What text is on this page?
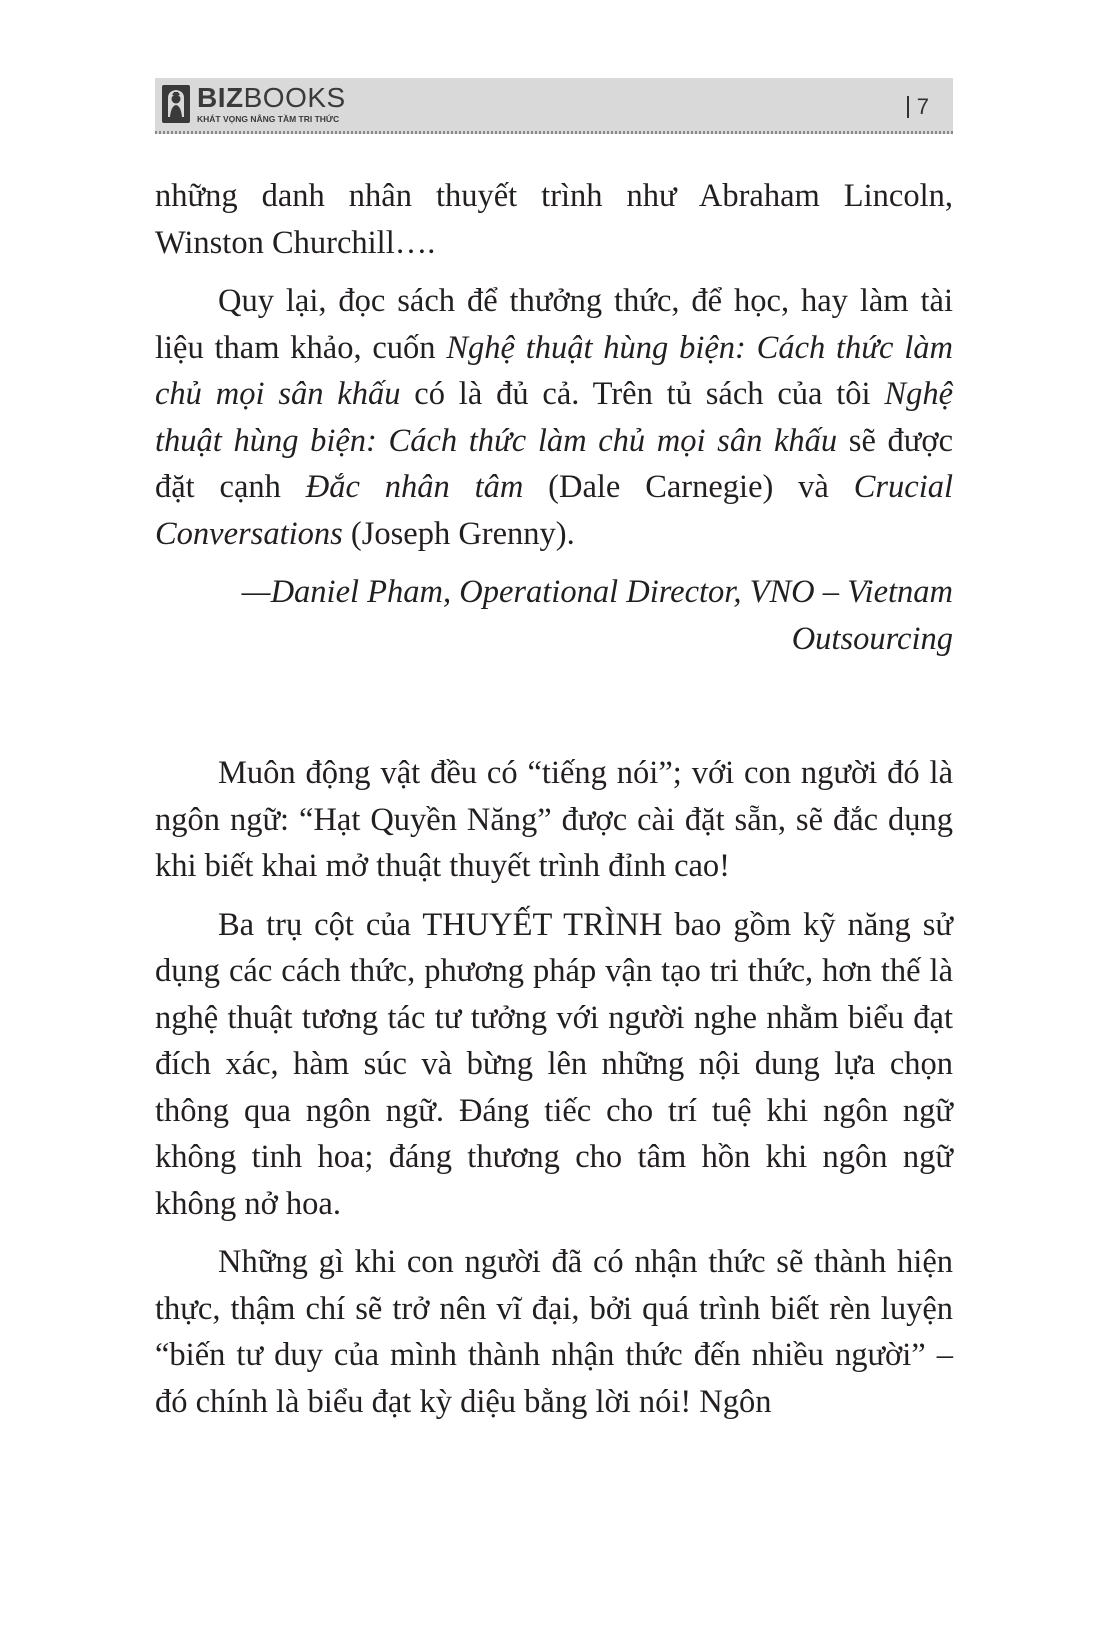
BIZBOOKS
KHÁT VỌNG NÂNG TẦM TRI THỨC
7

những danh nhân thuyết trình như Abraham Lincoln, Winston Churchill….

Quy lại, đọc sách để thưởng thức, để học, hay làm tài liệu tham khảo, cuốn Nghệ thuật hùng biện: Cách thức làm chủ mọi sân khấu có là đủ cả. Trên tủ sách của tôi Nghệ thuật hùng biện: Cách thức làm chủ mọi sân khấu sẽ được đặt cạnh Đắc nhân tâm (Dale Carnegie) và Crucial Conversations (Joseph Grenny).

—Daniel Pham, Operational Director, VNO – Vietnam Outsourcing

Muôn động vật đều có “tiếng nói”; với con người đó là ngôn ngữ: “Hạt Quyền Năng” được cài đặt sẵn, sẽ đắc dụng khi biết khai mở thuật thuyết trình đỉnh cao!

Ba trụ cột của THUYẾT TRÌNH bao gồm kỹ năng sử dụng các cách thức, phương pháp vận tạo tri thức, hơn thế là nghệ thuật tương tác tư tưởng với người nghe nhằm biểu đạt đích xác, hàm súc và bừng lên những nội dung lựa chọn thông qua ngôn ngữ. Đáng tiếc cho trí tuệ khi ngôn ngữ không tinh hoa; đáng thương cho tâm hồn khi ngôn ngữ không nở hoa.

Những gì khi con người đã có nhận thức sẽ thành hiện thực, thậm chí sẽ trở nên vĩ đại, bởi quá trình biết rèn luyện “biến tư duy của mình thành nhận thức đến nhiều người” – đó chính là biểu đạt kỳ diệu bằng lời nói! Ngôn
